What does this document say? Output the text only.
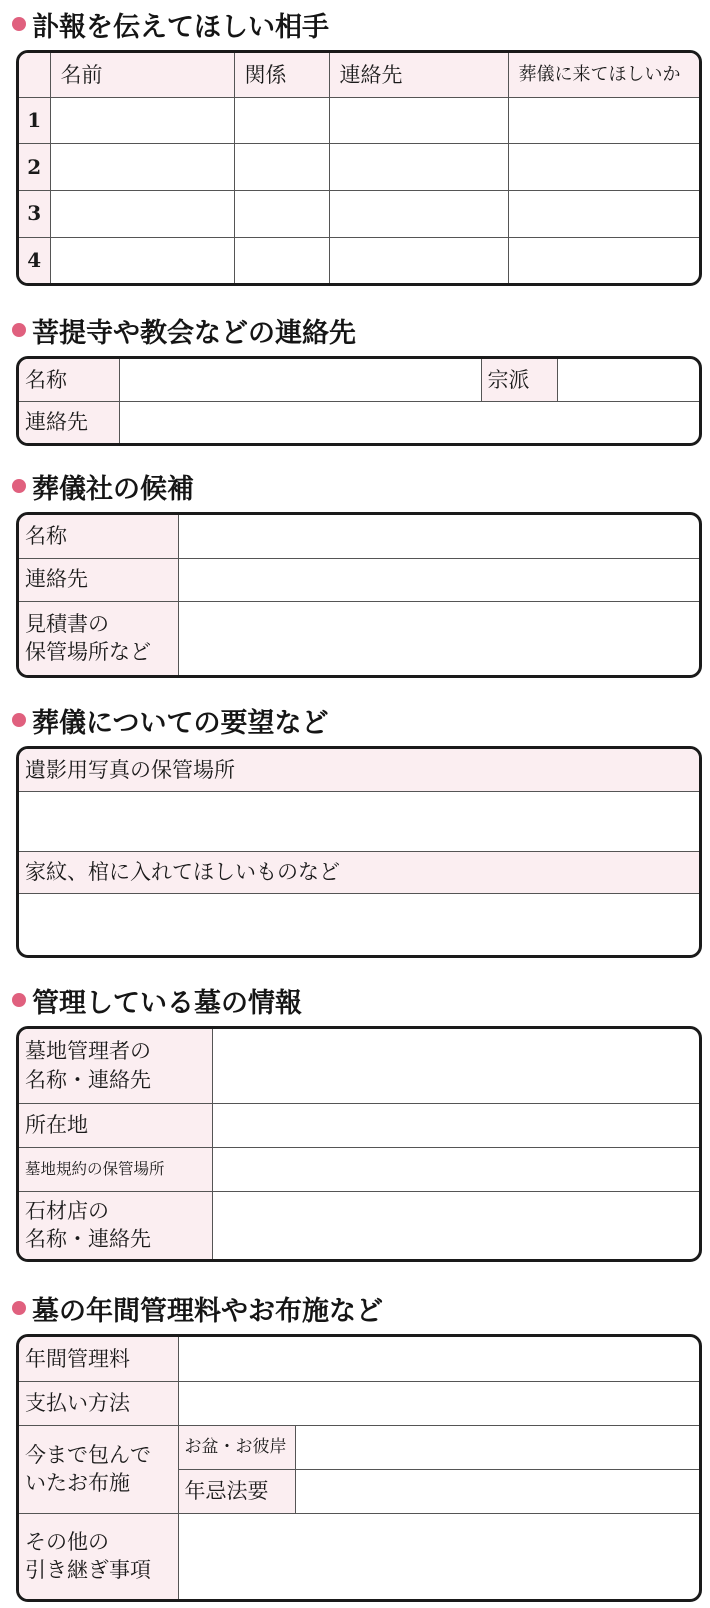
訃報を伝えてほしい相手
	名前	関係	連絡先	葬儀に来てほしいか
1				
2				
3				
4				
菩提寺や教会などの連絡先
名称		宗派	
連絡先			
葬儀社の候補
名称	
連絡先	

見積書の
保管場所など	

葬儀についての要望など
遺影用写真の保管場所

家紋、棺に入れてほしいものなど

管理している墓の情報
墓地管理者の
名称・連絡先	

所在地	
墓地規約の保管場所	

石材店の
名称・連絡先	

墓の年間管理料やお布施など
年間管理料		
支払い方法		

今まで包んで
いたお布施	お盆・お彼岸	
	年忌法要	

その他の
引き継ぎ事項		
